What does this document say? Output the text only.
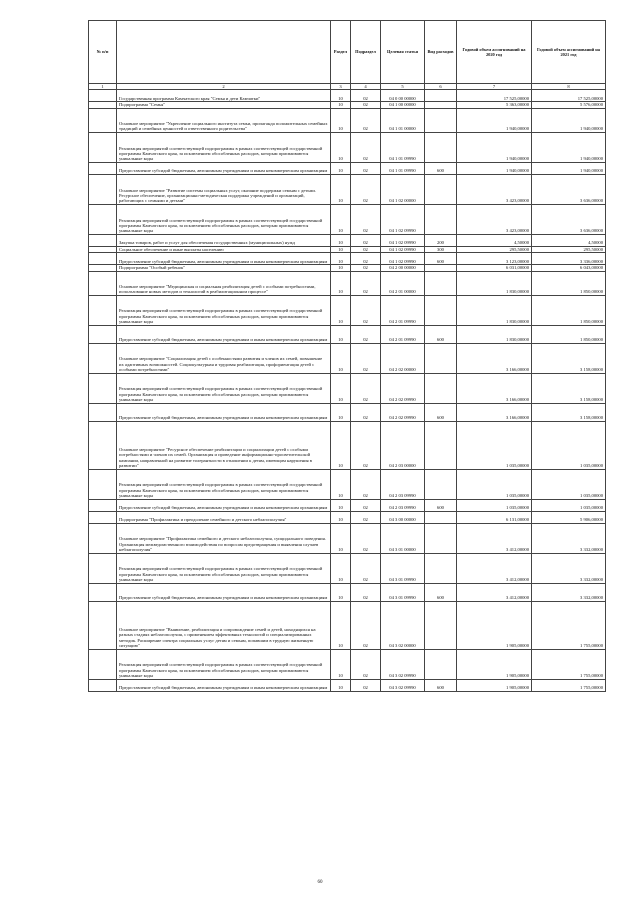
№ п/п		Раздел	Подраздел	Целевая статья	Вид расходов	Годовой объем ассигнований на 2020 год	Годовой объем ассигнований на 2021 год
1	2	3	4	5	6	7	8
	Государственная программа Камчатского края "Семья и дети Камчатки"	10	02	04 0 00 00000		17 525,00000	17 525,00000
	Подпрограмма "Семья"	10	02	04 1 00 00000		5 363,00000	5 576,00000
	Основное мероприятие "Укрепление социального института семьи, пропаганда положительных семейных традиций и семейных ценностей и ответственного родительства"	10	02	04 1 01 00000		1 940,00000	1 940,00000
	Реализация мероприятий соответствующей подпрограммы в рамках соответствующей государственной программы Камчатского края, за исключением обособленных расходов, которым присваиваются уникальные коды	10	02	04 1 01 09990		1 940,00000	1 940,00000
	Предоставление субсидий бюджетным, автономным учреждениям и иным некоммерческим организациям	10	02	04 1 01 09990	600	1 940,00000	1 940,00000
	Основное мероприятие "Развитие системы социальных услуг, оказание поддержки семьям с детьми. Ресурсное обеспечение, организационно-методическая поддержка учреждений и организаций, работающих с семьями и детьми"	10	02	04 1 02 00000		3 423,00000	3 636,00000
	Реализация мероприятий соответствующей подпрограммы в рамках соответствующей государственной программы Камчатского края, за исключением обособленных расходов, которым присваиваются уникальные коды	10	02	04 1 02 09990		3 423,00000	3 636,00000
	Закупка товаров, работ и услуг для обеспечения государственных (муниципальных) нужд	10	02	04 1 02 09990	200	4,50000	4,50000
	Социальное обеспечение и иные выплаты населению	10	02	04 1 02 09990	300	295,50000	295,50000
	Предоставление субсидий бюджетным, автономным учреждениям и иным некоммерческим организациям	10	02	04 1 02 09990	600	3 123,00000	3 336,00000
	Подпрограмма "Особый ребенок"	10	02	04 2 00 00000		6 031,00000	6 043,00000
	Основное мероприятие "Медицинская и социальная реабилитация детей с особыми потребностями, использование новых методов и технологий в реабилитационном процессе"	10	02	04 2 01 00000		1 830,00000	1 850,00000
	Реализация мероприятий соответствующей подпрограммы в рамках соответствующей государственной программы Камчатского края, за исключением обособленных расходов, которым присваиваются уникальные коды	10	02	04 2 01 09990		1 830,00000	1 850,00000
	Предоставление субсидий бюджетным, автономным учреждениям и иным некоммерческим организациям	10	02	04 2 01 09990	600	1 830,00000	1 850,00000
	Основное мероприятие "Социализация детей с особенностями развития и членов их семей, повышение их адаптивных возможностей. Социокультурная и трудовая реабилитация, профориентация детей с особыми потребностями"	10	02	04 2 02 00000		3 166,00000	3 158,00000
	Реализация мероприятий соответствующей подпрограммы в рамках соответствующей государственной программы Камчатского края, за исключением обособленных расходов, которым присваиваются уникальные коды	10	02	04 2 02 09990		3 166,00000	3 158,00000
	Предоставление субсидий бюджетным, автономным учреждениям и иным некоммерческим организациям	10	02	04 2 02 09990	600	3 166,00000	3 158,00000
	Основное мероприятие "Ресурсное обеспечение реабилитации и социализации детей с особыми потребностями и членов их семей. Организация и проведение информационно-просветительской кампании, направленной на развитие толерантности в отношении к детям, имеющим нарушения в развитии"	10	02	04 2 03 00000		1 035,00000	1 035,00000
	Реализация мероприятий соответствующей подпрограммы в рамках соответствующей государственной программы Камчатского края, за исключением обособленных расходов, которым присваиваются уникальные коды	10	02	04 2 03 09990		1 035,00000	1 035,00000
	Предоставление субсидий бюджетным, автономным учреждениям и иным некоммерческим организациям	10	02	04 2 03 09990	600	1 035,00000	1 035,00000
	Подпрограмма "Профилактика и преодоление семейного и детского неблагополучия"	10	02	04 3 00 00000		6 131,00000	5 906,00000
	Основное мероприятие "Профилактика семейного и детского неблагополучия, суицидального поведения. Организация межведомственного взаимодействия по вопросам предотвращения и выявления случаев неблагополучия"	10	02	04 3 01 00000		3 412,00000	3 332,00000
	Реализация мероприятий соответствующей подпрограммы в рамках соответствующей государственной программы Камчатского края, за исключением обособленных расходов, которым присваиваются уникальные коды	10	02	04 3 01 09990		3 412,00000	3 332,00000
	Предоставление субсидий бюджетным, автономным учреждениям и иным некоммерческим организациям	10	02	04 3 01 09990	600	3 412,00000	3 332,00000
	Основное мероприятие "Выявление, реабилитация и сопровождение семей и детей, находящихся на разных стадиях неблагополучия, с применением эффективных технологий и специализированных методик. Расширение спектра социальных услуг детям и семьям, попавшим в трудную жизненную ситуацию"	10	02	04 3 02 00000		1 905,00000	1 755,00000
	Реализация мероприятий соответствующей подпрограммы в рамках соответствующей государственной программы Камчатского края, за исключением обособленных расходов, которым присваиваются уникальные коды	10	02	04 3 02 09990		1 905,00000	1 755,00000
	Предоставление субсидий бюджетным, автономным учреждениям и иным некоммерческим организациям	10	02	04 3 02 09990	600	1 905,00000	1 755,00000
60
